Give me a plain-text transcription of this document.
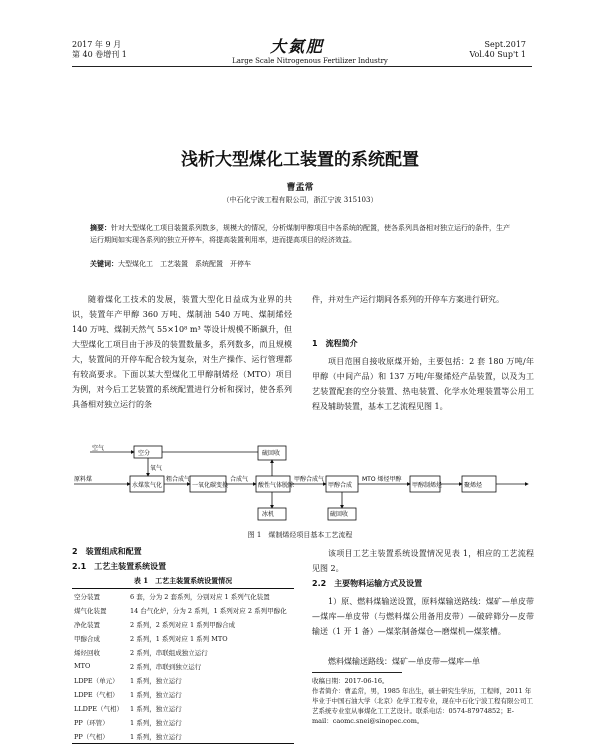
2017 年 9 月
第 40 卷增刊 1	大氮肥
Large Scale Nitrogenous Fertilizer Industry
Sept.2017
Vol.40 Sup't 1
浅析大型煤化工装置的系统配置
曹孟常
（中石化宁波工程有限公司，浙江宁波 315103）
摘要：针对大型煤化工项目装置系列数多，规模大的情况，分析煤制甲醇项目中各系统的配置，使各系列具备相对独立运行的条件，生产运行期间如实现各系列的独立开停车，将提高装置利用率，进而提高项目的经济效益。
关键词：大型煤化工　工艺装置　系统配置　开停车
随着煤化工技术的发展，装置大型化日益成为业界的共识，装置年产甲醇 360 万吨、煤制油 540 万吨、煤制烯烃 140 万吨、煤制天然气 55×10⁸ m³ 等设计规模不断飙升，但大型煤化工项目由于涉及的装置数量多，系列数多，而且规模大，装置间的开停车配合较为复杂，对生产操作、运行管理都有较高要求。下面以某大型煤化工甲醇制烯烃（MTO）项目为例，对今后工艺装置的系统配置进行分析和探讨，使各系列具备相对独立运行的条
件，并对生产运行期间各系列的开停车方案进行研究。
1　流程简介
项目范围自接收原煤开始，主要包括：2 套 180 万吨/年甲醇（中间产品）和 137 万吨/年聚烯烃产品装置，以及为工艺装置配套的空分装置、热电装置、化学水处理装置等公用工程及辅助装置，基本工艺流程见图 1。
空气
空分	硫回收
原料煤
氧气
水煤浆气化
粗合成气
一氧化碳变换
合成气
酸性气体脱除
甲醇合成气
甲醇合成
MTO 烯烃甲醇
甲醇制烯烃	聚烯烃
冰机	硫回收
图 1　煤制烯烃项目基本工艺流程
2　装置组成和配置
2.1　工艺主装置系统设置
表 1　工艺主装置系统设置情况
空分装置	6 套，分为 2 套系列，分别对应 1 系列气化装置
煤气化装置	14 台气化炉，分为 2 系列，1 系列对应 2 系列甲醇化
净化装置	2 系列，2 系列对应 1 系列甲醇合成
甲醇合成	2 系列，1 系列对应 1 系列 MTO
烯烃回收	2 系列，串联组成独立运行
MTO	2 系列，串联到独立运行
LDPE（单元）	1 系列，独立运行
LDPE（气相）	1 系列，独立运行
LLDPE（气相）	1 系列，独立运行
PP（环管）	1 系列，独立运行
PP（气相）	1 系列，独立运行
该项目工艺主装置系统设置情况见表 1，相应的工艺流程见图 2。
2.2　主要物料运输方式及设置
1）原、燃料煤输送设置，原料煤输送路线：煤矿—单皮带—煤库—单皮带（与燃料煤公用备用皮带）—破碎筛分—皮带输送（1 开 1 备）—煤浆制备煤仓—磨煤机—煤浆槽。
燃料煤输送路线：煤矿—单皮带—煤库—单
收稿日期：2017-06-16。
作者简介：曹孟常，男，1985 年出生，硕士研究生学历，工程师，2011 年毕业于中国石油大学（北京）化学工程专业，现在中石化宁波工程有限公司工艺系统专业室从事煤化工工艺设计。联系电话：0574-87974852；E-mail：caomc.snei@sinopec.com。
